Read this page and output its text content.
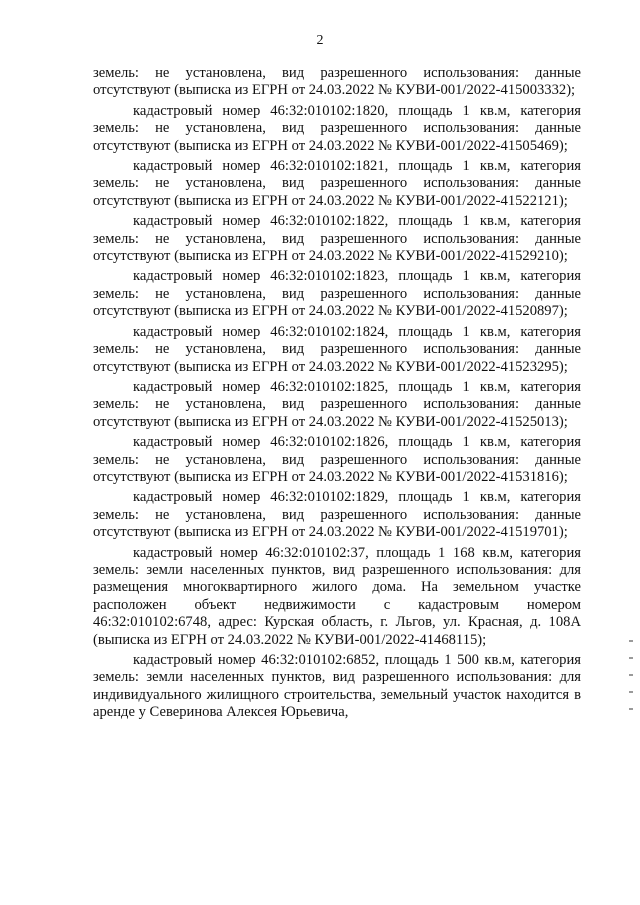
2

земель: не установлена, вид разрешенного использования: данные отсутствуют (выписка из ЕГРН от 24.03.2022 № КУВИ-001/2022-415003332);

кадастровый номер 46:32:010102:1820, площадь 1 кв.м, категория земель: не установлена, вид разрешенного использования: данные отсутствуют (выписка из ЕГРН от 24.03.2022 № КУВИ-001/2022-41505469);

кадастровый номер 46:32:010102:1821, площадь 1 кв.м, категория земель: не установлена, вид разрешенного использования: данные отсутствуют (выписка из ЕГРН от 24.03.2022 № КУВИ-001/2022-41522121);

кадастровый номер 46:32:010102:1822, площадь 1 кв.м, категория земель: не установлена, вид разрешенного использования: данные отсутствуют (выписка из ЕГРН от 24.03.2022 № КУВИ-001/2022-41529210);

кадастровый номер 46:32:010102:1823, площадь 1 кв.м, категория земель: не установлена, вид разрешенного использования: данные отсутствуют (выписка из ЕГРН от 24.03.2022 № КУВИ-001/2022-41520897);

кадастровый номер 46:32:010102:1824, площадь 1 кв.м, категория земель: не установлена, вид разрешенного использования: данные отсутствуют (выписка из ЕГРН от 24.03.2022 № КУВИ-001/2022-41523295);

кадастровый номер 46:32:010102:1825, площадь 1 кв.м, категория земель: не установлена, вид разрешенного использования: данные отсутствуют (выписка из ЕГРН от 24.03.2022 № КУВИ-001/2022-41525013);

кадастровый номер 46:32:010102:1826, площадь 1 кв.м, категория земель: не установлена, вид разрешенного использования: данные отсутствуют (выписка из ЕГРН от 24.03.2022 № КУВИ-001/2022-41531816);

кадастровый номер 46:32:010102:1829, площадь 1 кв.м, категория земель: не установлена, вид разрешенного использования: данные отсутствуют (выписка из ЕГРН от 24.03.2022 № КУВИ-001/2022-41519701);

кадастровый номер 46:32:010102:37, площадь 1 168 кв.м, категория земель: земли населенных пунктов, вид разрешенного использования: для размещения многоквартирного жилого дома. На земельном участке расположен объект недвижимости с кадастровым номером 46:32:010102:6748, адрес: Курская область, г. Льгов, ул. Красная, д. 108А (выписка из ЕГРН от 24.03.2022 № КУВИ-001/2022-41468115);

кадастровый номер 46:32:010102:6852, площадь 1 500 кв.м, категория земель: земли населенных пунктов, вид разрешенного использования: для индивидуального жилищного строительства, земельный участок находится в аренде у Северинова Алексея Юрьевича,
